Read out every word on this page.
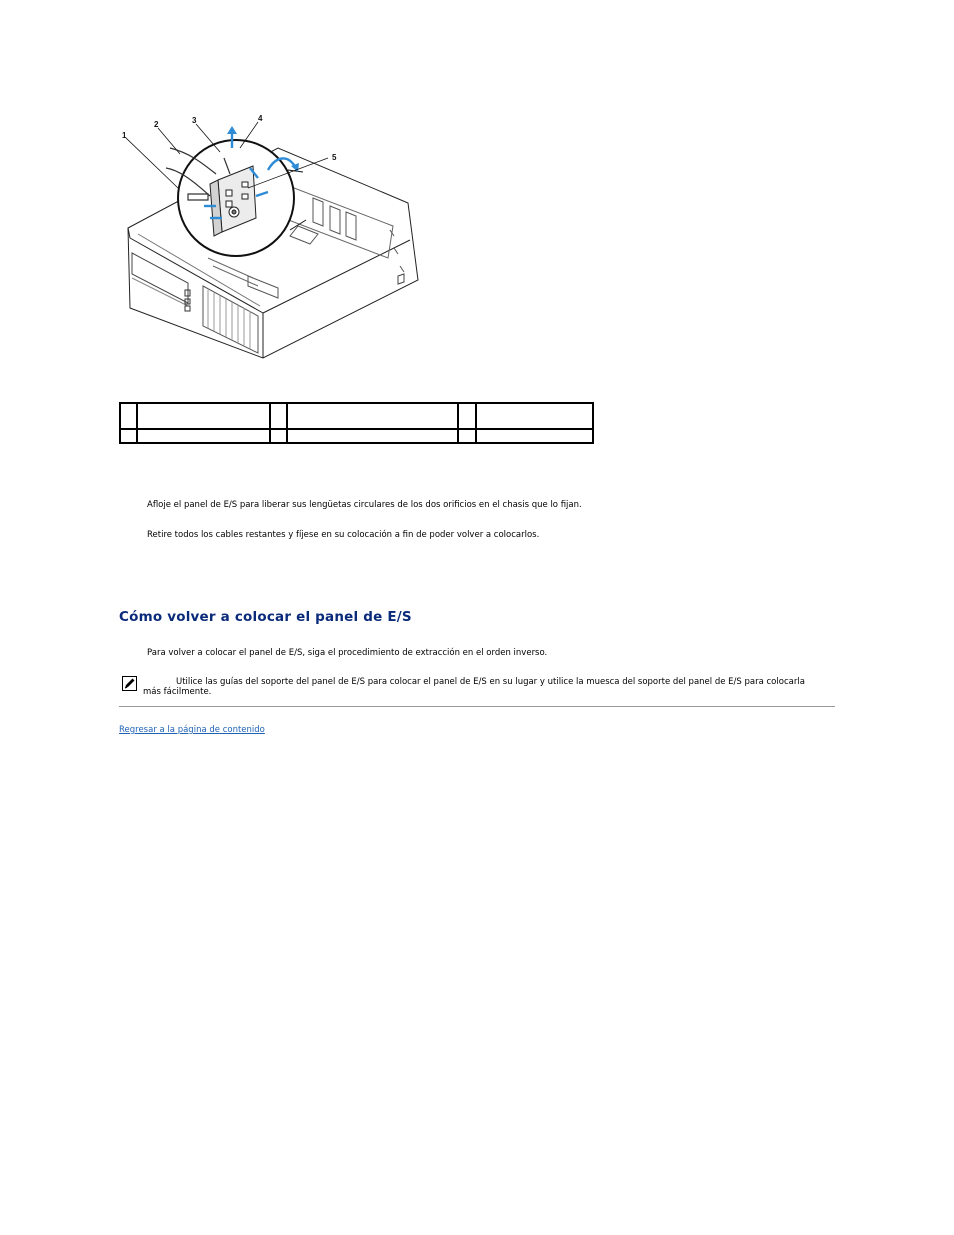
1
2	3	4
5

Afloje el panel de E/S para liberar sus lengüetas circulares de los dos orificios en el chasis que lo fijan.

Retire todos los cables restantes y fíjese en su colocación a fin de poder volver a colocarlos.

Cómo volver a colocar el panel de E/S

Para volver a colocar el panel de E/S, siga el procedimiento de extracción en el orden inverso.

Utilice las guías del soporte del panel de E/S para colocar el panel de E/S en su lugar y utilice la muesca del soporte del panel de E/S para colocarla más fácilmente.
Regresar a la página de contenido
